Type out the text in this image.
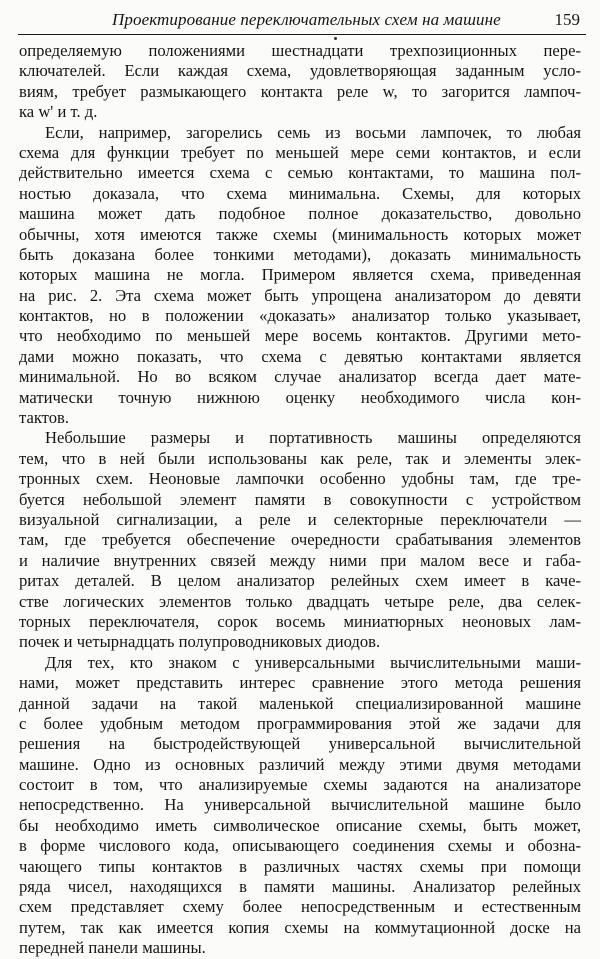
Проектирование переключательных схем на машине	159
определяемую положениями шестнадцати трехпозиционных пере-
ключателей. Если каждая схема, удовлетворяющая заданным усло-
виям, требует размыкающего контакта реле w, то загорится лампоч-
ка w' и т. д.
Если, например, загорелись семь из восьми лампочек, то любая
схема для функции требует по меньшей мере семи контактов, и если
действительно имеется схема с семью контактами, то машина пол-
ностью доказала, что схема минимальна. Схемы, для которых
машина может дать подобное полное доказательство, довольно
обычны, хотя имеются также схемы (минимальность которых может
быть доказана более тонкими методами), доказать минимальность
которых машина не могла. Примером является схема, приведенная
на рис. 2. Эта схема может быть упрощена анализатором до девяти
контактов, но в положении «доказать» анализатор только указывает,
что необходимо по меньшей мере восемь контактов. Другими мето-
дами можно показать, что схема с девятью контактами является
минимальной. Но во всяком случае анализатор всегда дает мате-
матически точную нижнюю оценку необходимого числа кон-
тактов.
Небольшие размеры и портативность машины определяются
тем, что в ней были использованы как реле, так и элементы элек-
тронных схем. Неоновые лампочки особенно удобны там, где тре-
буется небольшой элемент памяти в совокупности с устройством
визуальной сигнализации, а реле и селекторные переключатели —
там, где требуется обеспечение очередности срабатывания элементов
и наличие внутренних связей между ними при малом весе и габа-
ритах деталей. В целом анализатор релейных схем имеет в каче-
стве логических элементов только двадцать четыре реле, два селек-
торных переключателя, сорок восемь миниатюрных неоновых лам-
почек и четырнадцать полупроводниковых диодов.
Для тех, кто знаком с универсальными вычислительными маши-
нами, может представить интерес сравнение этого метода решения
данной задачи на такой маленькой специализированной машине
с более удобным методом программирования этой же задачи для
решения на быстродействующей универсальной вычислительной
машине. Одно из основных различий между этими двумя методами
состоит в том, что анализируемые схемы задаются на анализаторе
непосредственно. На универсальной вычислительной машине было
бы необходимо иметь символическое описание схемы, быть может,
в форме числового кода, описывающего соединения схемы и обозна-
чающего типы контактов в различных частях схемы при помощи
ряда чисел, находящихся в памяти машины. Анализатор релейных
схем представляет схему более непосредственным и естественным
путем, так как имеется копия схемы на коммутационной доске на
передней панели машины.
